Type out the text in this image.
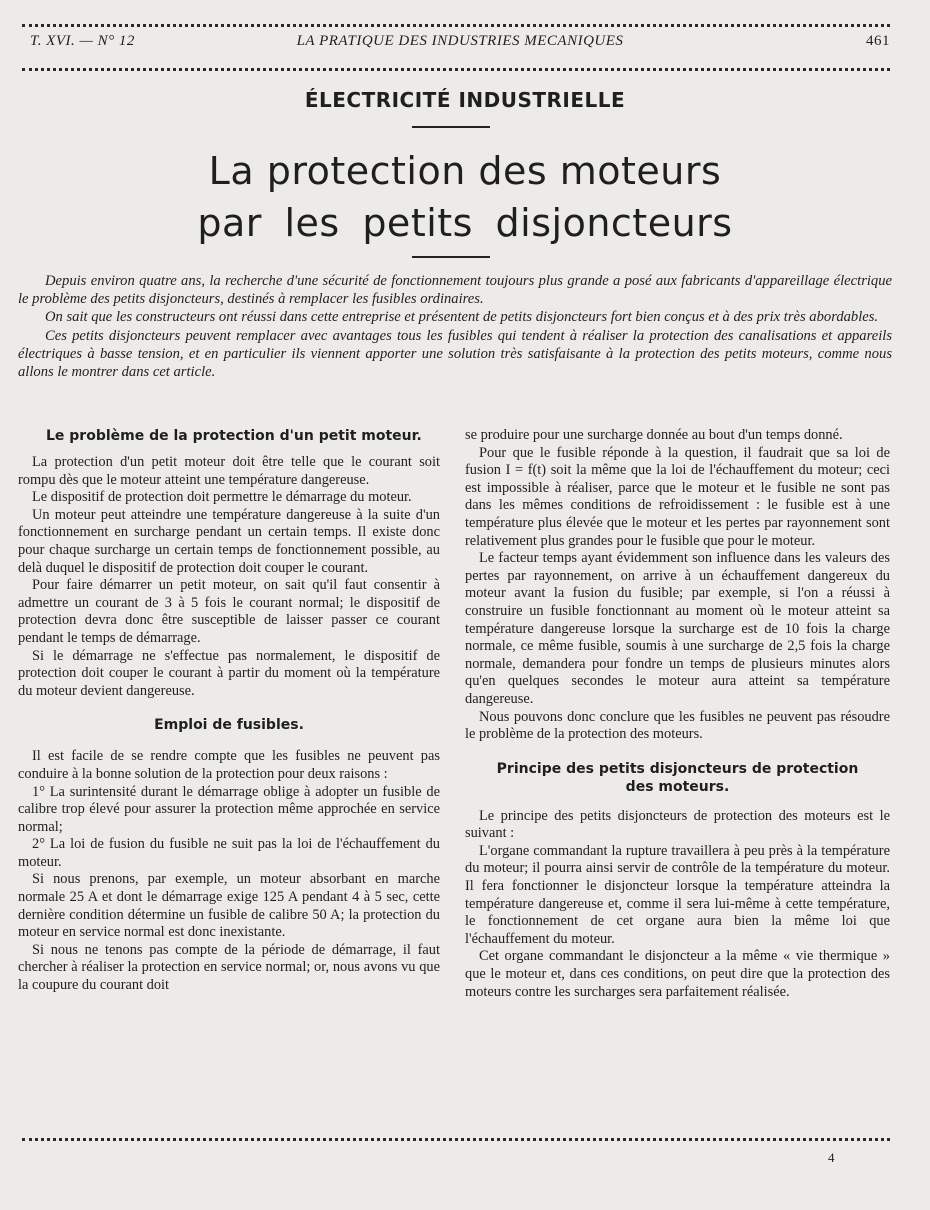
T. XVI. — N° 12	LA PRATIQUE DES INDUSTRIES MECANIQUES	461
ÉLECTRICITÉ INDUSTRIELLE
La protection des moteurs
par les petits disjoncteurs

Depuis environ quatre ans, la recherche d'une sécurité de fonctionnement toujours plus grande a posé aux fabricants d'appareillage électrique le problème des petits disjoncteurs, destinés à remplacer les fusibles ordinaires.

On sait que les constructeurs ont réussi dans cette entreprise et présentent de petits disjoncteurs fort bien conçus et à des prix très abordables.

Ces petits disjoncteurs peuvent remplacer avec avantages tous les fusibles qui tendent à réaliser la protection des canalisations et appareils électriques à basse tension, et en particulier ils viennent apporter une solution très satisfaisante à la protection des petits moteurs, comme nous allons le montrer dans cet article.

Le problème de la protection d'un petit moteur.

La protection d'un petit moteur doit être telle que le courant soit rompu dès que le moteur atteint une température dangereuse.

Le dispositif de protection doit permettre le démarrage du moteur.

Un moteur peut atteindre une température dangereuse à la suite d'un fonctionnement en surcharge pendant un certain temps. Il existe donc pour chaque surcharge un certain temps de fonctionnement possible, au delà duquel le dispositif de protection doit couper le courant.

Pour faire démarrer un petit moteur, on sait qu'il faut consentir à admettre un courant de 3 à 5 fois le courant normal; le dispositif de protection devra donc être susceptible de laisser passer ce courant pendant le temps de démarrage.

Si le démarrage ne s'effectue pas normalement, le dispositif de protection doit couper le courant à partir du moment où la température du moteur devient dangereuse.

Emploi de fusibles.

Il est facile de se rendre compte que les fusibles ne peuvent pas conduire à la bonne solution de la protection pour deux raisons :

1° La surintensité durant le démarrage oblige à adopter un fusible de calibre trop élevé pour assurer la protection même approchée en service normal;

2° La loi de fusion du fusible ne suit pas la loi de l'échauffement du moteur.

Si nous prenons, par exemple, un moteur absorbant en marche normale 25 A et dont le démarrage exige 125 A pendant 4 à 5 sec, cette dernière condition détermine un fusible de calibre 50 A; la protection du moteur en service normal est donc inexistante.

Si nous ne tenons pas compte de la période de démarrage, il faut chercher à réaliser la protection en service normal; or, nous avons vu que la coupure du courant doit

se produire pour une surcharge donnée au bout d'un temps donné.

Pour que le fusible réponde à la question, il faudrait que sa loi de fusion I = f(t) soit la même que la loi de l'échauffement du moteur; ceci est impossible à réaliser, parce que le moteur et le fusible ne sont pas dans les mêmes conditions de refroidissement : le fusible est à une température plus élevée que le moteur et les pertes par rayonnement sont relativement plus grandes pour le fusible que pour le moteur.

Le facteur temps ayant évidemment son influence dans les valeurs des pertes par rayonnement, on arrive à un échauffement dangereux du moteur avant la fusion du fusible; par exemple, si l'on a réussi à construire un fusible fonctionnant au moment où le moteur atteint sa température dangereuse lorsque la surcharge est de 10 fois la charge normale, ce même fusible, soumis à une surcharge de 2,5 fois la charge normale, demandera pour fondre un temps de plusieurs minutes alors qu'en quelques secondes le moteur aura atteint sa température dangereuse.

Nous pouvons donc conclure que les fusibles ne peuvent pas résoudre le problème de la protection des moteurs.

Principe des petits disjoncteurs de protection
des moteurs.

Le principe des petits disjoncteurs de protection des moteurs est le suivant :

L'organe commandant la rupture travaillera à peu près à la température du moteur; il pourra ainsi servir de contrôle de la température du moteur. Il fera fonctionner le disjoncteur lorsque la température atteindra la température dangereuse et, comme il sera lui-même à cette température, le fonctionnement de cet organe aura bien la même loi que l'échauffement du moteur.

Cet organe commandant le disjoncteur a la même « vie thermique » que le moteur et, dans ces conditions, on peut dire que la protection des moteurs contre les surcharges sera parfaitement réalisée.

4
